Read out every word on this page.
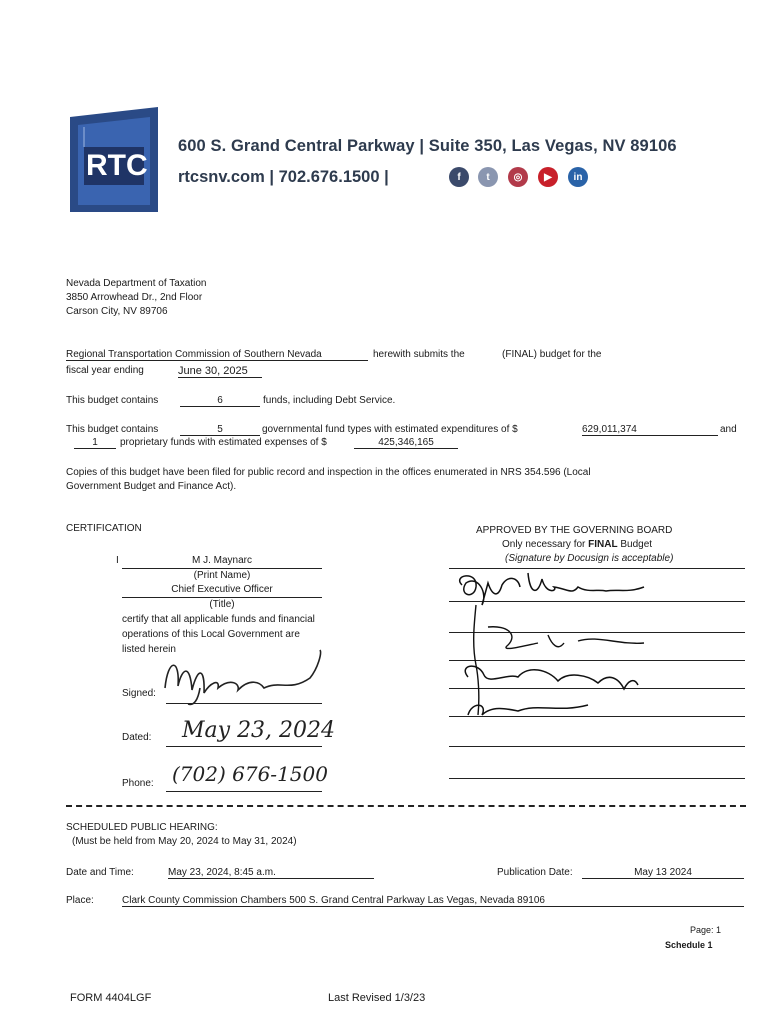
RTC
600 S. Grand Central Parkway | Suite 350, Las Vegas, NV 89106
rtcsnv.com | 702.676.1500 |	f	t	◎	▶	in
Nevada Department of Taxation
3850 Arrowhead Dr., 2nd Floor
Carson City, NV 89706
Regional Transportation Commission of Southern Nevada	herewith submits the	(FINAL) budget for the
fiscal year ending	June 30, 2025
This budget contains	6	funds, including Debt Service.
This budget contains	5	governmental fund types with estimated expenditures of $	629,011,374	and
1	proprietary funds with estimated expenses of $	425,346,165
Copies of this budget have been filed for public record and inspection in the offices enumerated in NRS 354.596 (Local
Government Budget and Finance Act).
CERTIFICATION
I	M J. Maynarc
(Print Name)
Chief Executive Officer
(Title)
certify that all applicable funds and financial
operations of this Local Government are
listed herein
Signed:
Dated: May 23, 2024
Phone: (702) 676-1500
APPROVED BY THE GOVERNING BOARD
Only necessary for FINAL Budget
(Signature by Docusign is acceptable)
SCHEDULED PUBLIC HEARING:
(Must be held from May 20, 2024 to May 31, 2024)
Date and Time:	May 23, 2024, 8:45 a.m.	Publication Date:	May 13 2024
Place:	Clark County Commission Chambers 500 S. Grand Central Parkway Las Vegas, Nevada 89106
Page: 1
Schedule 1
FORM 4404LGF	Last Revised 1/3/23
